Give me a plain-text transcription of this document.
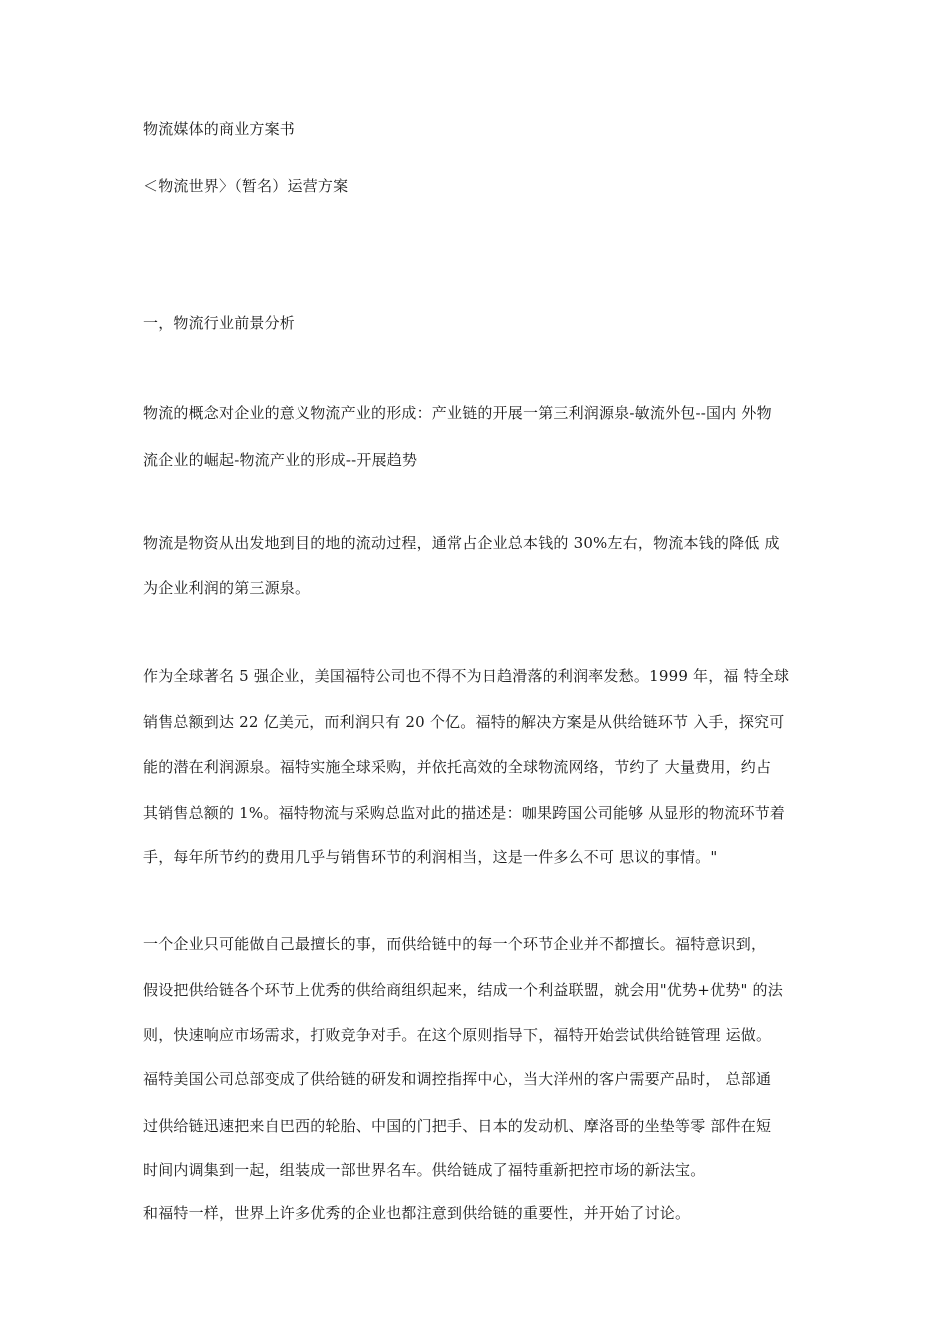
物流媒体的商业方案书
＜物流世界〉（暂名）运营方案
一，物流行业前景分析
物流的概念对企业的意义物流产业的形成：产业链的开展一第三利润源泉-敏流外包--国内 外物
流企业的崛起-物流产业的形成--开展趋势
物流是物资从出发地到目的地的流动过程，通常占企业总本钱的 30%左右，物流本钱的降低 成
为企业利润的第三源泉。
作为全球著名 5 强企业，美国福特公司也不得不为日趋滑落的利润率发愁。1999 年，福 特全球
销售总额到达 22 亿美元，而利润只有 20 个亿。福特的解决方案是从供给链环节 入手，探究可
能的潜在利润源泉。福特实施全球采购，并依托高效的全球物流网络，节约了 大量费用，约占
其销售总额的 1%。福特物流与采购总监对此的描述是：咖果跨国公司能够 从显形的物流环节着
手，每年所节约的费用几乎与销售环节的利润相当，这是一件多么不可 思议的事情。"
一个企业只可能做自己最擅长的事，而供给链中的每一个环节企业并不都擅长。福特意识到，
假设把供给链各个环节上优秀的供给商组织起来，结成一个利益联盟，就会用"优势+优势" 的法
则，快速响应市场需求，打败竞争对手。在这个原则指导下，福特开始尝试供给链管理 运做。
福特美国公司总部变成了供给链的研发和调控指挥中心，当大洋州的客户需要产品时， 总部通
过供给链迅速把来自巴西的轮胎、中国的门把手、日本的发动机、摩洛哥的坐垫等零 部件在短
时间内调集到一起，组装成一部世界名车。供给链成了福特重新把控市场的新法宝。
和福特一样，世界上许多优秀的企业也都注意到供给链的重要性，并开始了讨论。
